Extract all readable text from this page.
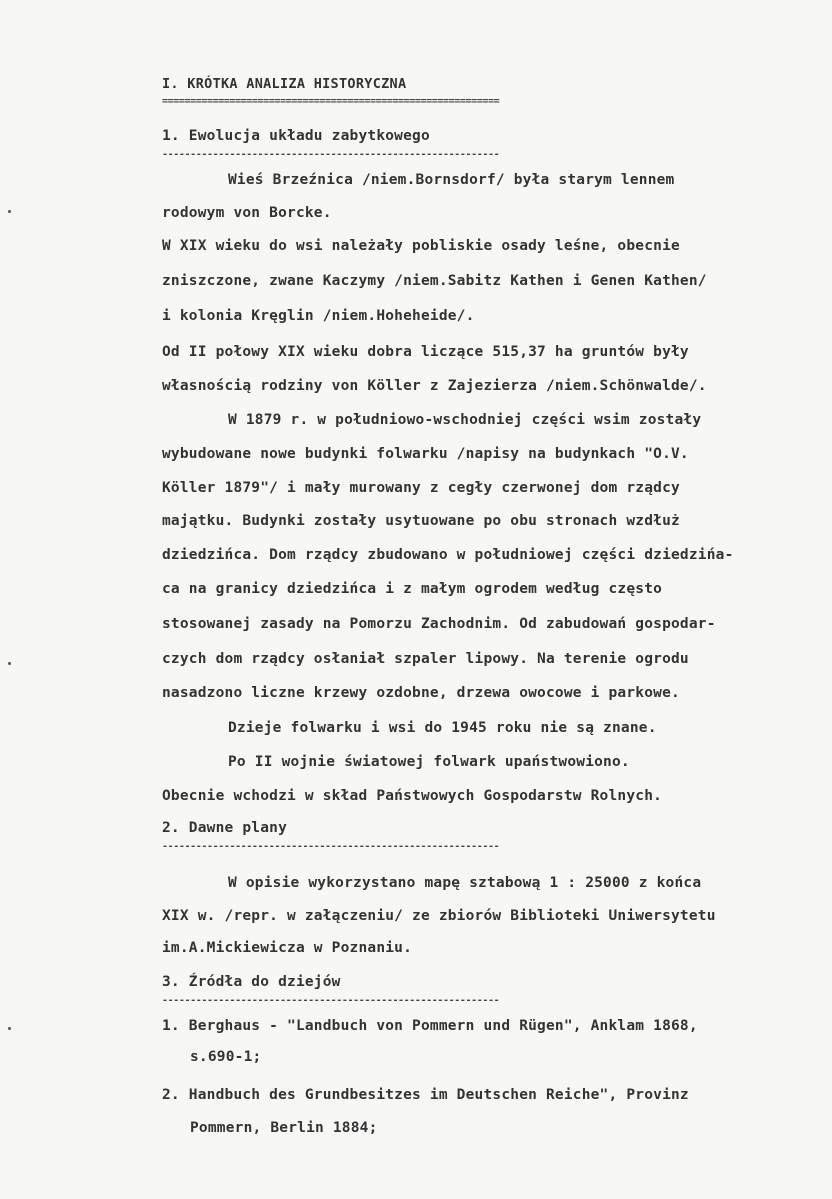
I. KRÓTKA ANALIZA HISTORYCZNA
============================================================
1. Ewolucja układu zabytkowego
------------------------------------------------------------
Wieś Brzeźnica /niem.Bornsdorf/ była starym lennem
rodowym von Borcke.
W XIX wieku do wsi należały pobliskie osady leśne, obecnie
zniszczone, zwane Kaczymy /niem.Sabitz Kathen i Genen Kathen/
i kolonia Kręglin /niem.Hoheheide/.
Od II połowy XIX wieku dobra liczące 515,37 ha gruntów były
własnością rodziny von Köller z Zajezierza /niem.Schönwalde/.
W 1879 r. w południowo-wschodniej części wsim zostały
wybudowane nowe budynki folwarku /napisy na budynkach "O.V.
Köller 1879"/ i mały murowany z cegły czerwonej dom rządcy
majątku. Budynki zostały usytuowane po obu stronach wzdłuż
dziedzińca. Dom rządcy zbudowano w południowej części dziedzińa-
ca na granicy dziedzińca i z małym ogrodem według często
stosowanej zasady na Pomorzu Zachodnim. Od zabudowań gospodar-
czych dom rządcy osłaniał szpaler lipowy. Na terenie ogrodu
nasadzono liczne krzewy ozdobne, drzewa owocowe i parkowe.
Dzieje folwarku i wsi do 1945 roku nie są znane.
Po II wojnie światowej folwark upaństwowiono.
Obecnie wchodzi w skład Państwowych Gospodarstw Rolnych.
2. Dawne plany
------------------------------------------------------------
W opisie wykorzystano mapę sztabową 1 : 25000 z końca
XIX w. /repr. w załączeniu/ ze zbiorów Biblioteki Uniwersytetu
im.A.Mickiewicza w Poznaniu.
3. Źródła do dziejów
------------------------------------------------------------
1. Berghaus - "Landbuch von Pommern und Rügen", Anklam 1868,
s.690-1;
2. Handbuch des Grundbesitzes im Deutschen Reiche", Provinz
Pommern, Berlin 1884;
